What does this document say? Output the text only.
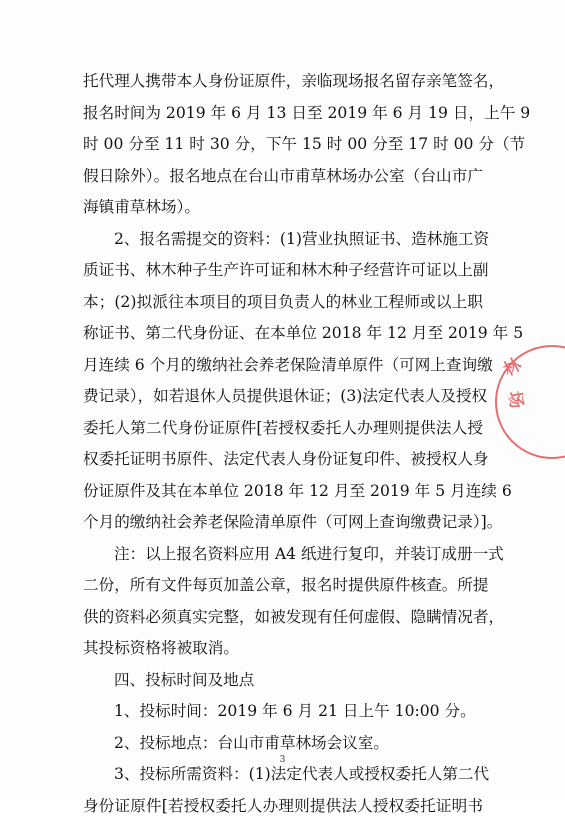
托代理人携带本人身份证原件，亲临现场报名留存亲笔签名，
报名时间为 2019 年 6 月 13 日至 2019 年 6 月 19 日，上午 9
时 00 分至 11 时 30 分，下午 15 时 00 分至 17 时 00 分（节
假日除外）。报名地点在台山市甫草林场办公室（台山市广
海镇甫草林场）。
2、报名需提交的资料：(1)营业执照证书、造林施工资
质证书、林木种子生产许可证和林木种子经营许可证以上副
本；(2)拟派往本项目的项目负责人的林业工程师或以上职
称证书、第二代身份证、在本单位 2018 年 12 月至 2019 年 5
月连续 6 个月的缴纳社会养老保险清单原件（可网上查询缴
费记录），如若退休人员提供退休证；(3)法定代表人及授权
委托人第二代身份证原件[若授权委托人办理则提供法人授
权委托证明书原件、法定代表人身份证复印件、被授权人身
份证原件及其在本单位 2018 年 12 月至 2019 年 5 月连续 6
个月的缴纳社会养老保险清单原件（可网上查询缴费记录）]。
注：以上报名资料应用 A4 纸进行复印，并装订成册一式
二份，所有文件每页加盖公章，报名时提供原件核查。所提
供的资料必须真实完整，如被发现有任何虚假、隐瞒情况者，
其投标资格将被取消。
四、投标时间及地点
1、投标时间：2019 年 6 月 21 日上午 10:00 分。
2、投标地点：台山市甫草林场会议室。
3、投标所需资料：(1)法定代表人或授权委托人第二代
身份证原件[若授权委托人办理则提供法人授权委托证明书
3
林
场
